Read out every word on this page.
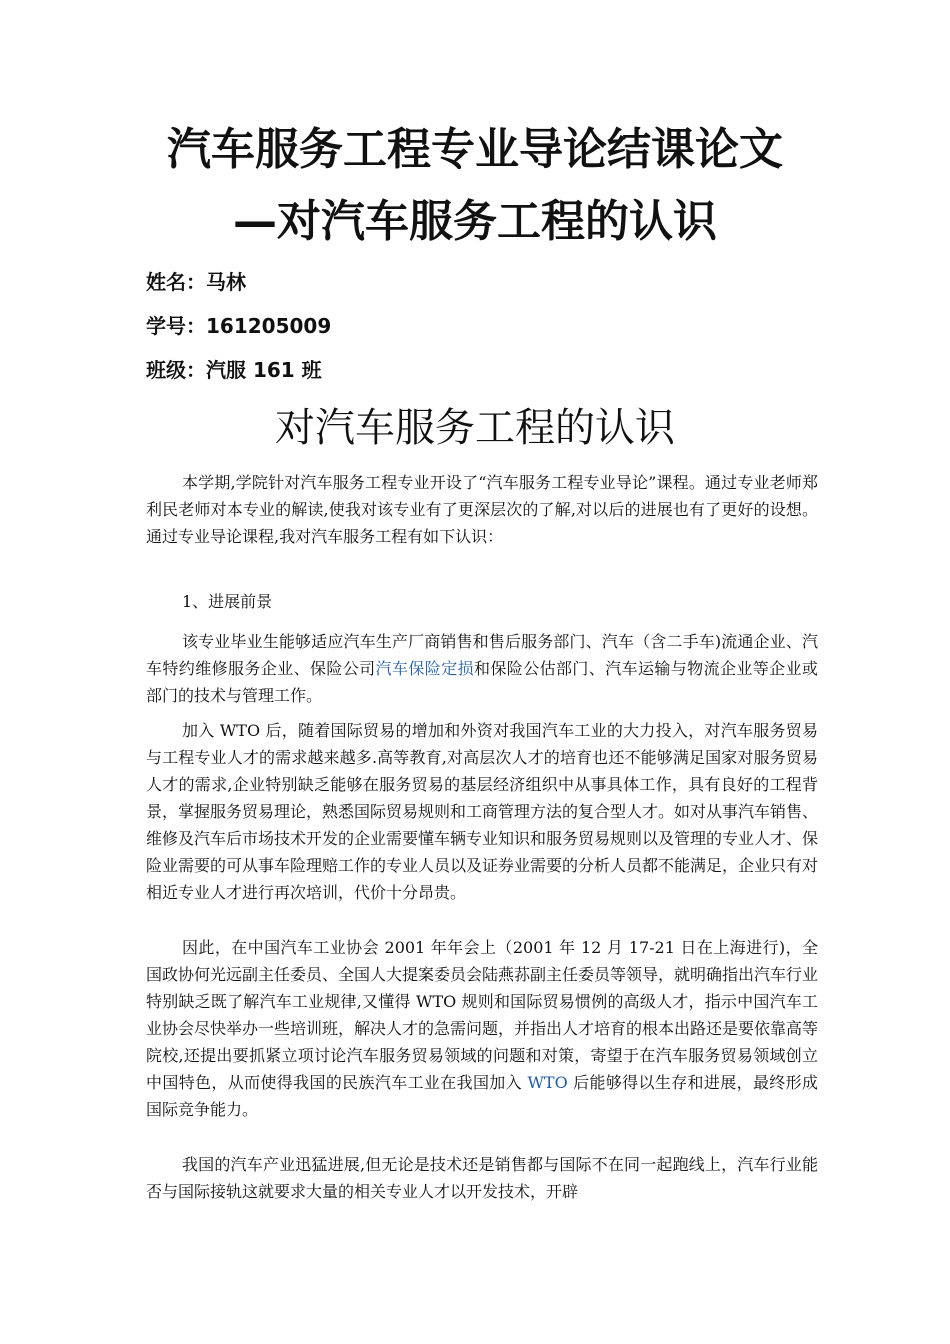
汽车服务工程专业导论结课论文
—对汽车服务工程的认识
姓名：马林
学号：161205009
班级：汽服 161 班
对汽车服务工程的认识

本学期,学院针对汽车服务工程专业开设了“汽车服务工程专业导论”课程。通过专业老师郑利民老师对本专业的解读,使我对该专业有了更深层次的了解,对以后的进展也有了更好的设想。通过专业导论课程,我对汽车服务工程有如下认识：

1、进展前景

该专业毕业生能够适应汽车生产厂商销售和售后服务部门、汽车（含二手车)流通企业、汽车特约维修服务企业、保险公司汽车保险定损和保险公估部门、汽车运输与物流企业等企业或部门的技术与管理工作。

加入 WTO 后，随着国际贸易的增加和外资对我国汽车工业的大力投入，对汽车服务贸易与工程专业人才的需求越来越多.高等教育,对高层次人才的培育也还不能够满足国家对服务贸易人才的需求,企业特别缺乏能够在服务贸易的基层经济组织中从事具体工作，具有良好的工程背景，掌握服务贸易理论，熟悉国际贸易规则和工商管理方法的复合型人才。如对从事汽车销售、维修及汽车后市场技术开发的企业需要懂车辆专业知识和服务贸易规则以及管理的专业人才、保险业需要的可从事车险理赔工作的专业人员以及证券业需要的分析人员都不能满足，企业只有对相近专业人才进行再次培训，代价十分昂贵。

因此，在中国汽车工业协会 2001 年年会上（2001 年 12 月 17-21 日在上海进行)，全国政协何光远副主任委员、全国人大提案委员会陆燕荪副主任委员等领导，就明确指出汽车行业特别缺乏既了解汽车工业规律,又懂得 WTO 规则和国际贸易惯例的高级人才，指示中国汽车工业协会尽快举办一些培训班，解决人才的急需问题，并指出人才培育的根本出路还是要依靠高等院校,还提出要抓紧立项讨论汽车服务贸易领域的问题和对策，寄望于在汽车服务贸易领域创立中国特色，从而使得我国的民族汽车工业在我国加入 WTO 后能够得以生存和进展，最终形成国际竞争能力。

我国的汽车产业迅猛进展,但无论是技术还是销售都与国际不在同一起跑线上，汽车行业能否与国际接轨这就要求大量的相关专业人才以开发技术，开辟
